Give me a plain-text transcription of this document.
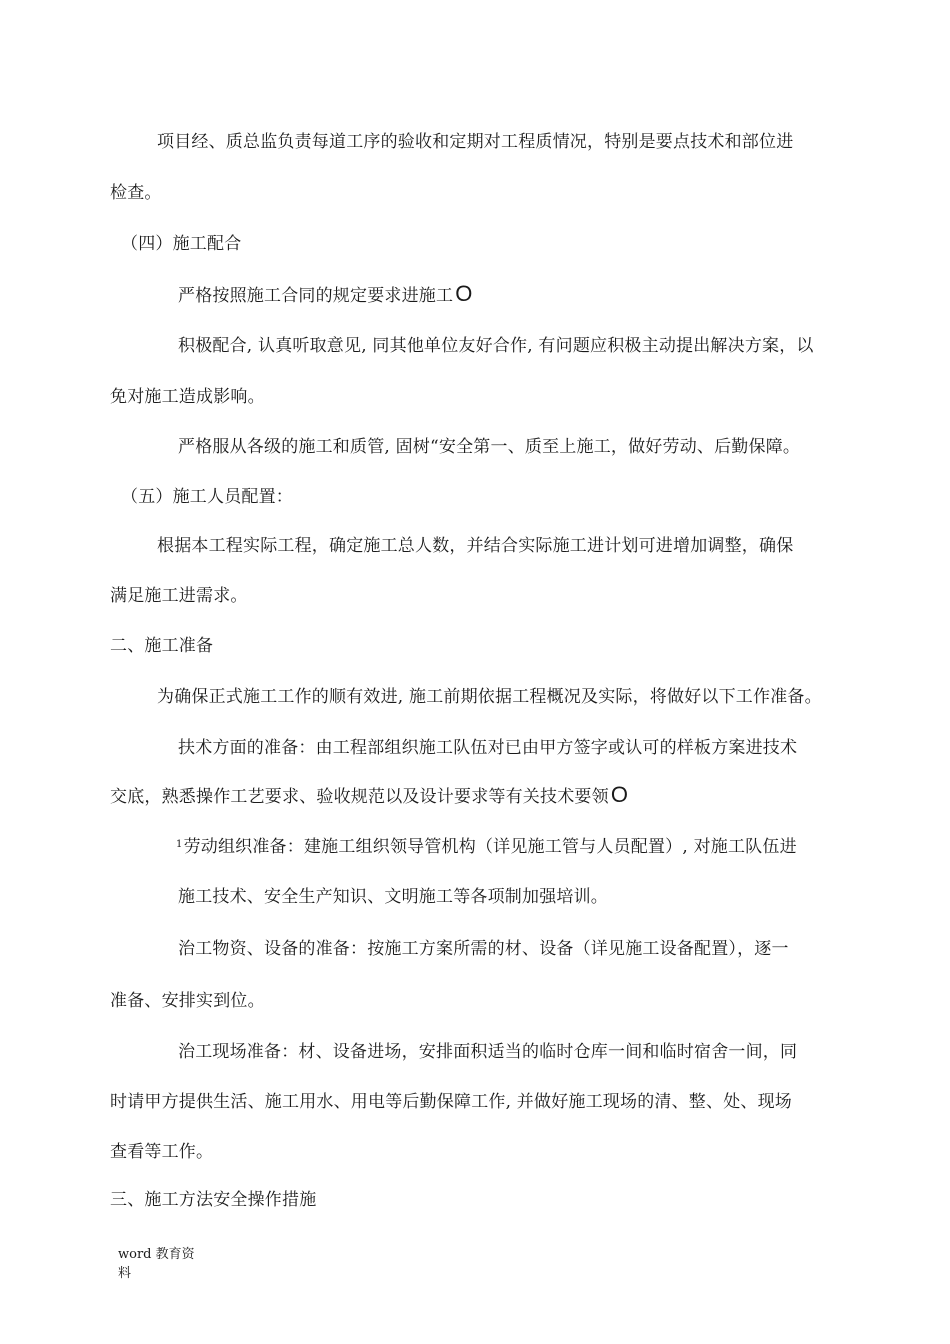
项目经、质总监负责每道工序的验收和定期对工程质情况，特别是要点技术和部位进
检查。
（四）施工配合
严格按照施工合同的规定要求进施工O
积极配合, 认真听取意见, 同其他单位友好合作, 有问题应积极主动提出解决方案，以
免对施工造成影响。
严格服从各级的施工和质管, 固树“安全第一、质至上施工，做好劳动、后勤保障。
（五）施工人员配置：
根据本工程实际工程，确定施工总人数，并结合实际施工进计划可进增加调整，确保
满足施工进需求。
二、施工准备
为确保正式施工工作的顺有效进, 施工前期依据工程概况及实际，将做好以下工作准备。
扶术方面的准备：由工程部组织施工队伍对已由甲方签字或认可的样板方案进技术
交底，熟悉操作工艺要求、验收规范以及设计要求等有关技术要领O
$^1$劳动组织准备：建施工组织领导管机构（详见施工管与人员配置）, 对施工队伍进
施工技术、安全生产知识、文明施工等各项制加强培训。
治工物资、设备的准备：按施工方案所需的材、设备（详见施工设备配置），逐一
准备、安排实到位。
治工现场准备：材、设备进场，安排面积适当的临时仓库一间和临时宿舍一间，同
时请甲方提供生活、施工用水、用电等后勤保障工作, 并做好施工现场的清、整、处、现场
查看等工作。
三、施工方法安全操作措施
word 教育资
料
